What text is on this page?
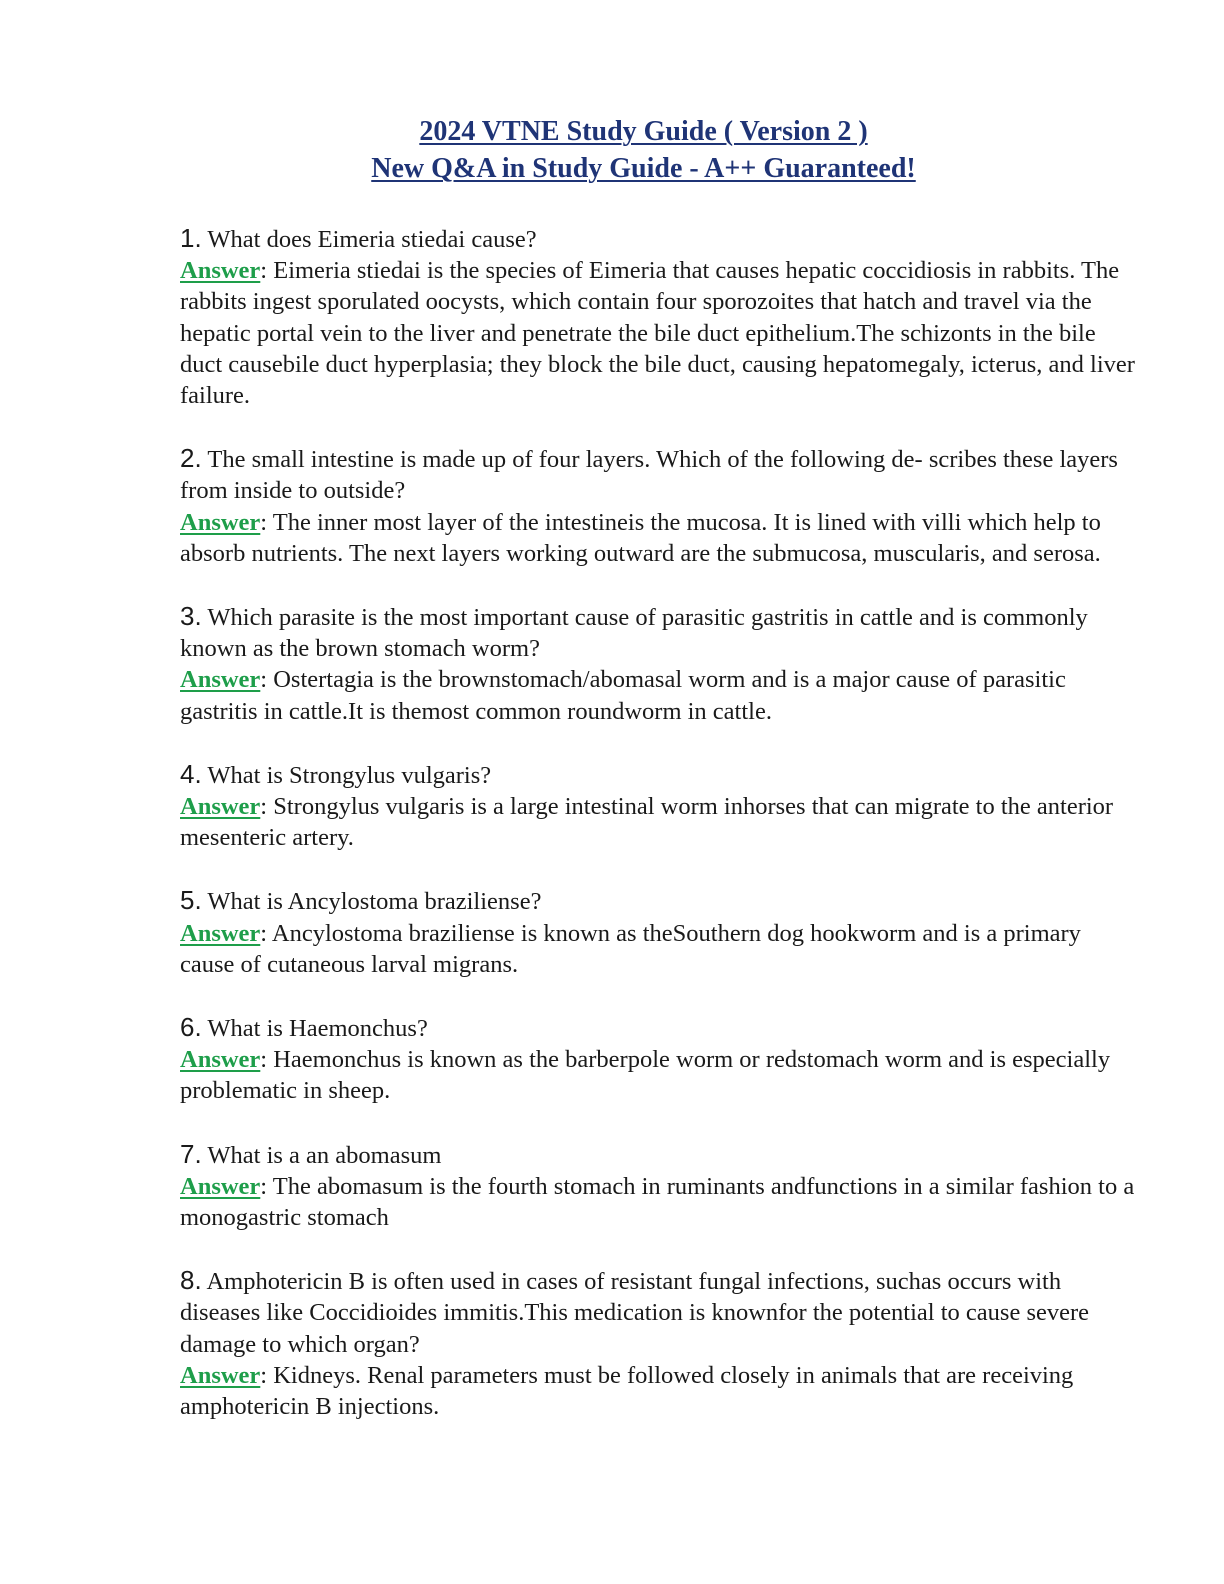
2024 VTNE Study Guide ( Version 2 )
New Q&A in Study Guide - A++ Guaranteed!

1. What does Eimeria stiedai cause?

Answer: Eimeria stiedai is the species of Eimeria that causes hepatic coccidiosis in rabbits. The rabbits ingest sporulated oocysts, which contain four sporozoites that hatch and travel via the hepatic portal vein to the liver and penetrate the bile duct epithelium.The schizonts in the bile duct causebile duct hyperplasia; they block the bile duct, causing hepatomegaly, icterus, and liver failure.

2. The small intestine is made up of four layers. Which of the following de- scribes these layers from inside to outside?

Answer: The inner most layer of the intestineis the mucosa. It is lined with villi which help to absorb nutrients. The next layers working outward are the submucosa, muscularis, and serosa.

3. Which parasite is the most important cause of parasitic gastritis in cattle and is commonly known as the brown stomach worm?

Answer: Ostertagia is the brownstomach/abomasal worm and is a major cause of parasitic gastritis in cattle.It is themost common roundworm in cattle.

4. What is Strongylus vulgaris?

Answer: Strongylus vulgaris is a large intestinal worm inhorses that can migrate to the anterior mesenteric artery.

5. What is Ancylostoma braziliense?

Answer: Ancylostoma braziliense is known as theSouthern dog hookworm and is a primary cause of cutaneous larval migrans.

6. What is Haemonchus?

Answer: Haemonchus is known as the barberpole worm or redstomach worm and is especially problematic in sheep.

7. What is a an abomasum

Answer: The abomasum is the fourth stomach in ruminants andfunctions in a similar fashion to a monogastric stomach

8. Amphotericin B is often used in cases of resistant fungal infections, suchas occurs with diseases like Coccidioides immitis.This medication is knownfor the potential to cause severe damage to which organ?

Answer: Kidneys. Renal parameters must be followed closely in animals that are receiving amphotericin B injections.
